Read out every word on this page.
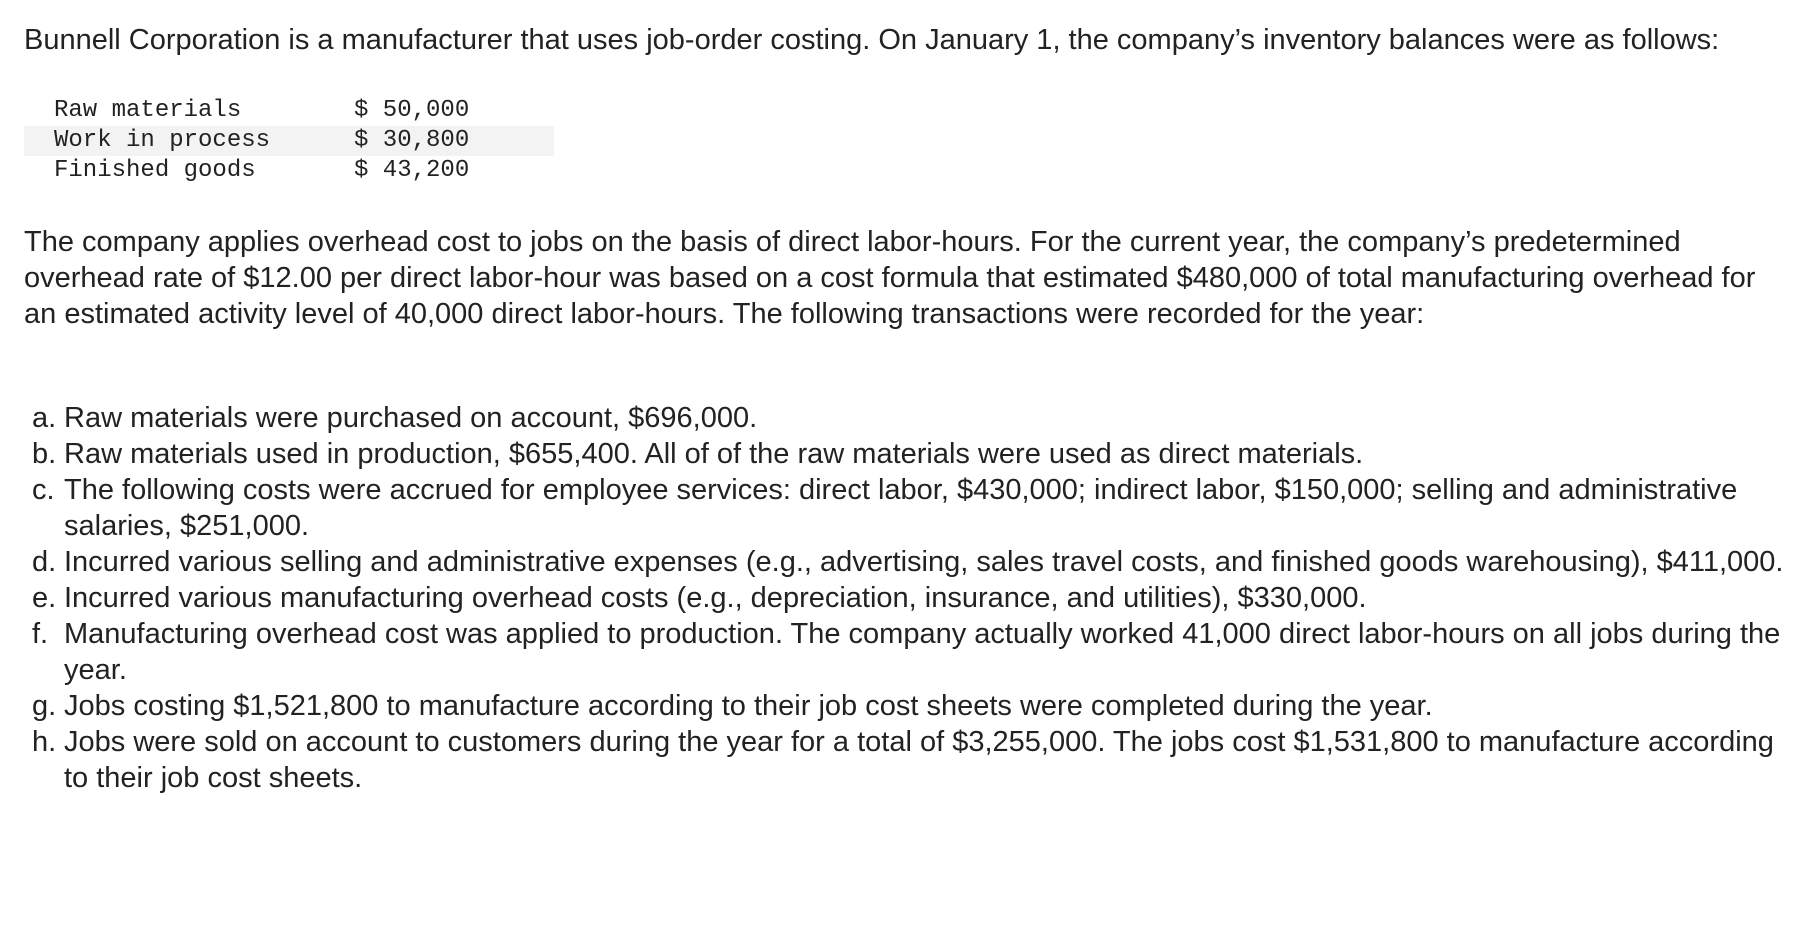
Bunnell Corporation is a manufacturer that uses job-order costing. On January 1, the company’s inventory balances were as follows:

Raw materials	$ 50,000
Work in process	$ 30,800
Finished goods	$ 43,200

The company applies overhead cost to jobs on the basis of direct labor-hours. For the current year, the company’s predetermined overhead rate of $12.00 per direct labor-hour was based on a cost formula that estimated $480,000 of total manufacturing overhead for an estimated activity level of 40,000 direct labor-hours. The following transactions were recorded for the year:

a. Raw materials were purchased on account, $696,000.
b. Raw materials used in production, $655,400. All of of the raw materials were used as direct materials.
c. The following costs were accrued for employee services: direct labor, $430,000; indirect labor, $150,000; selling and administrative salaries, $251,000.
d. Incurred various selling and administrative expenses (e.g., advertising, sales travel costs, and finished goods warehousing), $411,000.
e. Incurred various manufacturing overhead costs (e.g., depreciation, insurance, and utilities), $330,000.
f. Manufacturing overhead cost was applied to production. The company actually worked 41,000 direct labor-hours on all jobs during the year.
g. Jobs costing $1,521,800 to manufacture according to their job cost sheets were completed during the year.
h. Jobs were sold on account to customers during the year for a total of $3,255,000. The jobs cost $1,531,800 to manufacture according to their job cost sheets.
